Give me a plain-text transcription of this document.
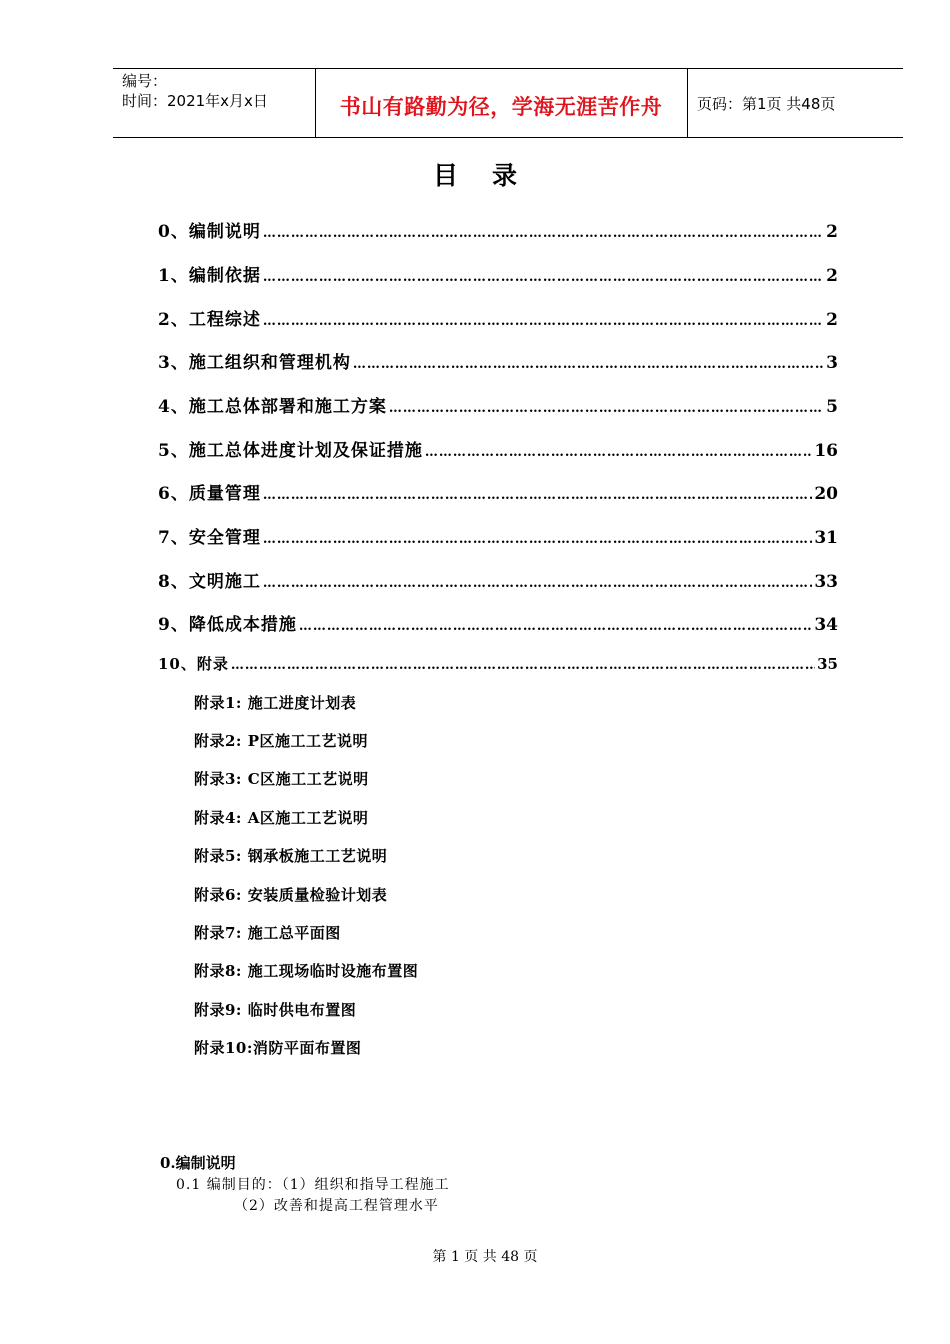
编号：
时间：2021年x月x日	书山有路勤为径，学海无涯苦作舟	页码：第1页 共48页
目录
0、编制说明 ……………………………………………………………………………………………………………………………………………………………………………………………………	2
1、编制依据 ……………………………………………………………………………………………………………………………………………………………………………………………………	2
2、工程综述 ……………………………………………………………………………………………………………………………………………………………………………………………………	2
3、施工组织和管理机构 ……………………………………………………………………………………………………………………………………………………………………………………………………	3
4、施工总体部署和施工方案 ……………………………………………………………………………………………………………………………………………………………………………………………………	5
5、施工总体进度计划及保证措施 ……………………………………………………………………………………………………………………………………………………………………………………………………	16
6、质量管理 ……………………………………………………………………………………………………………………………………………………………………………………………………	20
7、安全管理 ……………………………………………………………………………………………………………………………………………………………………………………………………	31
8、文明施工 ……………………………………………………………………………………………………………………………………………………………………………………………………	33
9、降低成本措施 ……………………………………………………………………………………………………………………………………………………………………………………………………	34
10、附录 ……………………………………………………………………………………………………………………………………………………………………………………………………	35
附录1: 施工进度计划表
附录2: P区施工工艺说明
附录3: C区施工工艺说明
附录4: A区施工工艺说明
附录5: 钢承板施工工艺说明
附录6: 安装质量检验计划表
附录7: 施工总平面图
附录8: 施工现场临时设施布置图
附录9: 临时供电布置图
附录10:消防平面布置图
0.编制说明
0.1 编制目的：（1）组织和指导工程施工
（2）改善和提高工程管理水平
第 1 页 共 48 页
